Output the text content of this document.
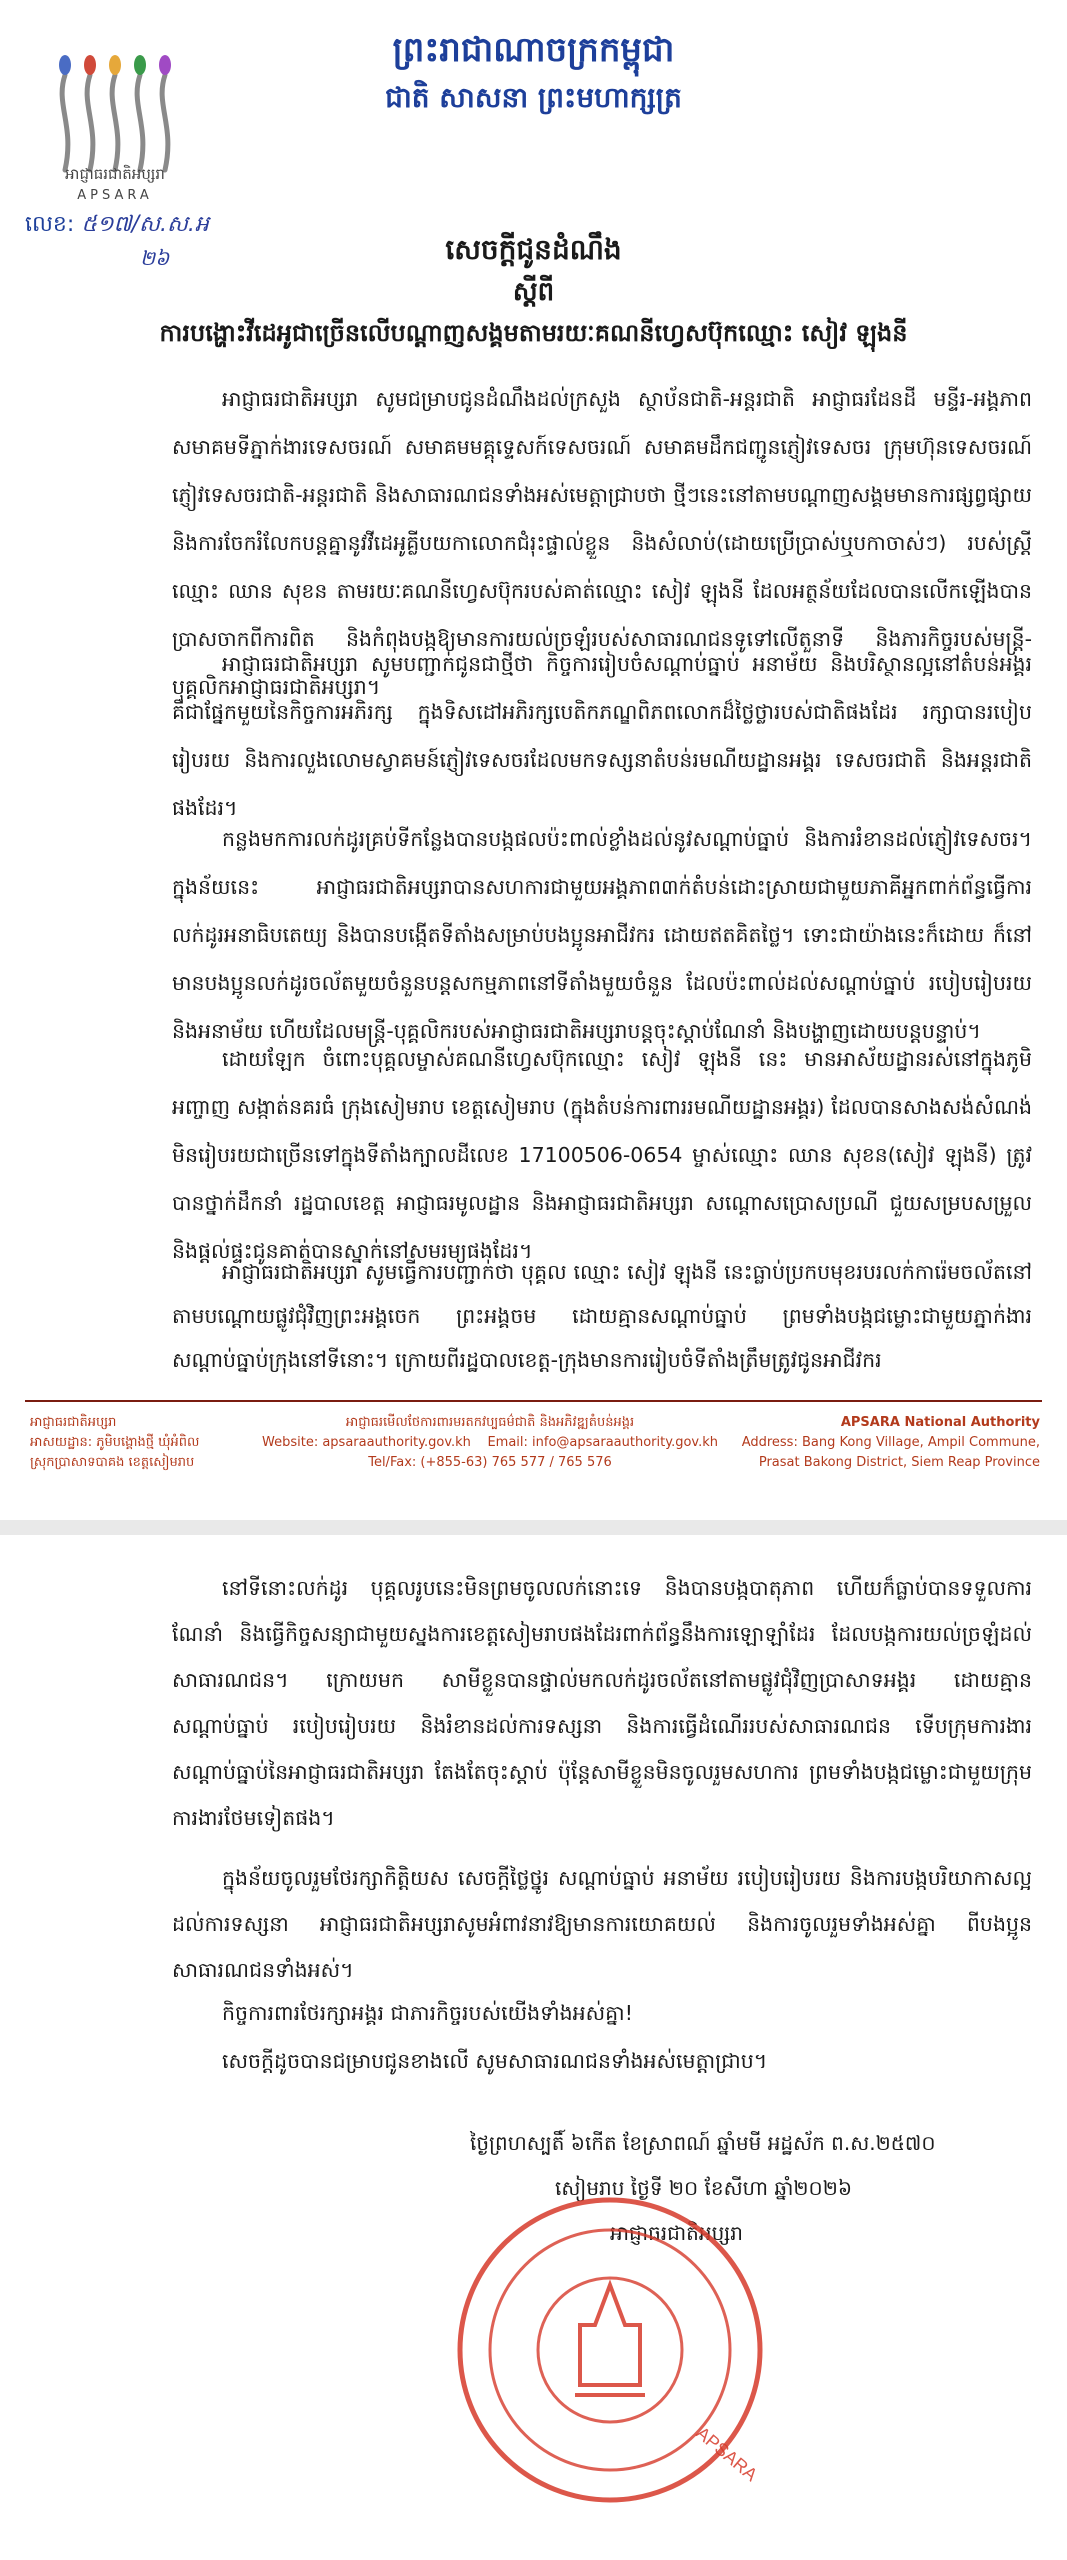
អាជ្ញាធរជាតិអប្សរា
APSARA
ព្រះរាជាណាចក្រកម្ពុជា
ជាតិ សាសនា ព្រះមហាក្សត្រ
លេខ: ៥១៧/ស.ស.អ
២៦	សេចក្តីជូនដំណឹង
ស្តីពី
ការបង្ហោះវីដេអូជាច្រើនលើបណ្តាញសង្គមតាមរយៈគណនីហ្វេសប៊ុកឈ្មោះ សៀវ ឡុងនី
អាជ្ញាធរជាតិអប្សរា សូមជម្រាបជូនដំណឹងដល់ក្រសួង ស្ថាប័នជាតិ-អន្តរជាតិ អាជ្ញាធរដែនដី មន្ទីរ-អង្គភាពសមាគមទីភ្នាក់ងារទេសចរណ៍ សមាគមមគ្គុទ្ទេសក៍ទេសចរណ៍ សមាគមដឹកជញ្ជូនភ្ញៀវទេសចរ ក្រុមហ៊ុនទេសចរណ៍ ភ្ញៀវទេសចរជាតិ-អន្តរជាតិ និងសាធារណជនទាំងអស់មេត្តាជ្រាបថា ថ្មីៗនេះនៅតាមបណ្តាញសង្គមមានការផ្សព្វផ្សាយ និងការចែករំលែកបន្តគ្នានូវវីដេអូគ្លីបយកាលោកជំរុះផ្ទាល់ខ្លួន និងសំលាប់(ដោយប្រើប្រាស់ឬបកាចាស់ៗ) របស់ស្ត្រីឈ្មោះ ឈាន សុខន តាមរយៈគណនីហ្វេសប៊ុករបស់គាត់ឈ្មោះ សៀវ ឡុងនី ដែលអត្ថន័យដែលបានលើកឡើងបានប្រាសចាកពីការពិត និងកំពុងបង្កឱ្យមានការយល់ច្រឡំរបស់សាធារណជនទូទៅលើតួនាទី និងភារកិច្ចរបស់មន្ត្រី-បុគ្គលិកអាជ្ញាធរជាតិអប្សរា។
អាជ្ញាធរជាតិអប្សរា សូមបញ្ជាក់ជូនជាថ្មីថា កិច្ចការរៀបចំសណ្តាប់ធ្នាប់ អនាម័យ និងបរិស្ថានល្អនៅតំបន់អង្គរ គឺជាផ្នែកមួយនៃកិច្ចការអភិរក្ស ក្នុងទិសដៅអភិរក្សបេតិកភណ្ឌពិភពលោកដ៏ថ្លៃថ្លារបស់ជាតិផងដែរ រក្សាបានរបៀបរៀបរយ និងការលួងលោមស្វាគមន៍ភ្ញៀវទេសចរដែលមកទស្សនាតំបន់រមណីយដ្ឋានអង្គរ ទេសចរជាតិ និងអន្តរជាតិផងដែរ។
កន្លងមកការលក់ដូរគ្រប់ទីកន្លែងបានបង្កផលប៉ះពាល់ខ្លាំងដល់នូវសណ្តាប់ធ្នាប់ និងការរំខានដល់ភ្ញៀវទេសចរ។ ក្នុងន័យនេះ អាជ្ញាធរជាតិអប្សរាបានសហការជាមួយអង្គភាព៣ក់តំបន់ដោះស្រាយជាមួយភាគីអ្នកពាក់ព័ន្ធធ្វើការលក់ដូរអនាធិបតេយ្យ និងបានបង្កើតទីតាំងសម្រាប់បងប្អូនអាជីវករ ដោយឥតគិតថ្លៃ។ ទោះជាយ៉ាងនេះក៏ដោយ ក៏នៅមានបងប្អូនលក់ដូរចល័តមួយចំនួនបន្តសកម្មភាពនៅទីតាំងមួយចំនួន ដែលប៉ះពាល់ដល់សណ្តាប់ធ្នាប់ របៀបរៀបរយ និងអនាម័យ ហើយដែលមន្ត្រី-បុគ្គលិករបស់អាជ្ញាធរជាតិអប្សរាបន្តចុះស្តាប់ណែនាំ និងបង្ហាញដោយបន្តបន្ទាប់។
ដោយឡែក ចំពោះបុគ្គលម្ចាស់គណនីហ្វេសប៊ុកឈ្មោះ សៀវ ឡុងនី នេះ មានអាស័យដ្ឋានរស់នៅក្នុងភូមិអញ្ចាញ សង្កាត់នគរធំ ក្រុងសៀមរាប ខេត្តសៀមរាប (ក្នុងតំបន់ការពាររមណីយដ្ឋានអង្គរ) ដែលបានសាងសង់សំណង់មិនរៀបរយជាច្រើនទៅក្នុងទីតាំងក្បាលដីលេខ 17100506-0654 ម្ចាស់ឈ្មោះ ឈាន សុខន(សៀវ ឡុងនី) ត្រូវបានថ្នាក់ដឹកនាំ រដ្ឋបាលខេត្ត អាជ្ញាធរមូលដ្ឋាន និងអាជ្ញាធរជាតិអប្សរា សណ្តោសប្រោសប្រណី ជួយសម្របសម្រួល និងផ្តល់ផ្ទះជូនគាត់បានស្នាក់នៅសមរម្យផងដែរ។
អាជ្ញាធរជាតិអប្សរា សូមធ្វើការបញ្ជាក់ថា បុគ្គល ឈ្មោះ សៀវ ឡុងនី នេះធ្លាប់ប្រកបមុខរបរលក់ការ៉េមចល័តនៅតាមបណ្តោយផ្លូវជុំវិញព្រះអង្គចេក ព្រះអង្គចម ដោយគ្មានសណ្តាប់ធ្នាប់ ព្រមទាំងបង្កជម្លោះជាមួយភ្នាក់ងារសណ្តាប់ធ្នាប់ក្រុងនៅទីនោះ។ ក្រោយពីរដ្ឋបាលខេត្ត-ក្រុងមានការរៀបចំទីតាំងត្រឹមត្រូវជូនអាជីវករ
អាជ្ញាធរជាតិអប្សរា
អាសយដ្ឋាន: ភូមិបង្គោងថ្មី ឃុំអំពិល
ស្រុកប្រាសាទបាគង ខេត្តសៀមរាប
អាជ្ញាធរមើលថែការពារមរតកវប្បធម៌ជាតិ និងអភិវឌ្ឍតំបន់អង្គរ
Website: apsaraauthority.gov.kh Email: info@apsaraauthority.gov.kh
Tel/Fax: (+855-63) 765 577 / 765 576
APSARA National Authority
Address: Bang Kong Village, Ampil Commune,
Prasat Bakong District, Siem Reap Province
នៅទីនោះលក់ដូរ បុគ្គលរូបនេះមិនព្រមចូលលក់នោះទេ និងបានបង្កបាតុភាព ហើយក៏ធ្លាប់បានទទួលការណែនាំ និងធ្វើកិច្ចសន្យាជាមួយស្នងការខេត្តសៀមរាបផងដែរពាក់ព័ន្ធនឹងការឡោឡាំដែរ ដែលបង្កការយល់ច្រឡំដល់សាធារណជន។ ក្រោយមក សាមីខ្លួនបានផ្ទាល់មកលក់ដូរចល័តនៅតាមផ្លូវជុំវិញប្រាសាទអង្គរ ដោយគ្មានសណ្តាប់ធ្នាប់ របៀបរៀបរយ និងរំខានដល់ការទស្សនា និងការធ្វើដំណើររបស់សាធារណជន ទើបក្រុមការងារសណ្តាប់ធ្នាប់នៃអាជ្ញាធរជាតិអប្សរា តែងតែចុះស្តាប់ ប៉ុន្តែសាមីខ្លួនមិនចូលរួមសហការ ព្រមទាំងបង្កជម្លោះជាមួយក្រុមការងារថែមទៀតផង។
ក្នុងន័យចូលរួមថែរក្សាកិត្តិយស សេចក្តីថ្លៃថ្នូរ សណ្តាប់ធ្នាប់ អនាម័យ របៀបរៀបរយ និងការបង្កបរិយាកាសល្អដល់ការទស្សនា អាជ្ញាធរជាតិអប្សរាសូមអំពាវនាវឱ្យមានការយោគយល់ និងការចូលរួមទាំងអស់គ្នា ពីបងប្អូនសាធារណជនទាំងអស់។
កិច្ចការពារថែរក្សាអង្គរ ជាភារកិច្ចរបស់យើងទាំងអស់គ្នា!
សេចក្តីដូចបានជម្រាបជូនខាងលើ សូមសាធារណជនទាំងអស់មេត្តាជ្រាប។
ថ្ងៃព្រហស្បតិ៍ ៦កើត ខែស្រាពណ៍ ឆ្នាំមមី អដ្ឋស័ក ព.ស.២៥៧០
សៀមរាប ថ្ងៃទី ២០ ខែសីហា ឆ្នាំ២០២៦
អាជ្ញាធរជាតិអប្សរា
APSARA
